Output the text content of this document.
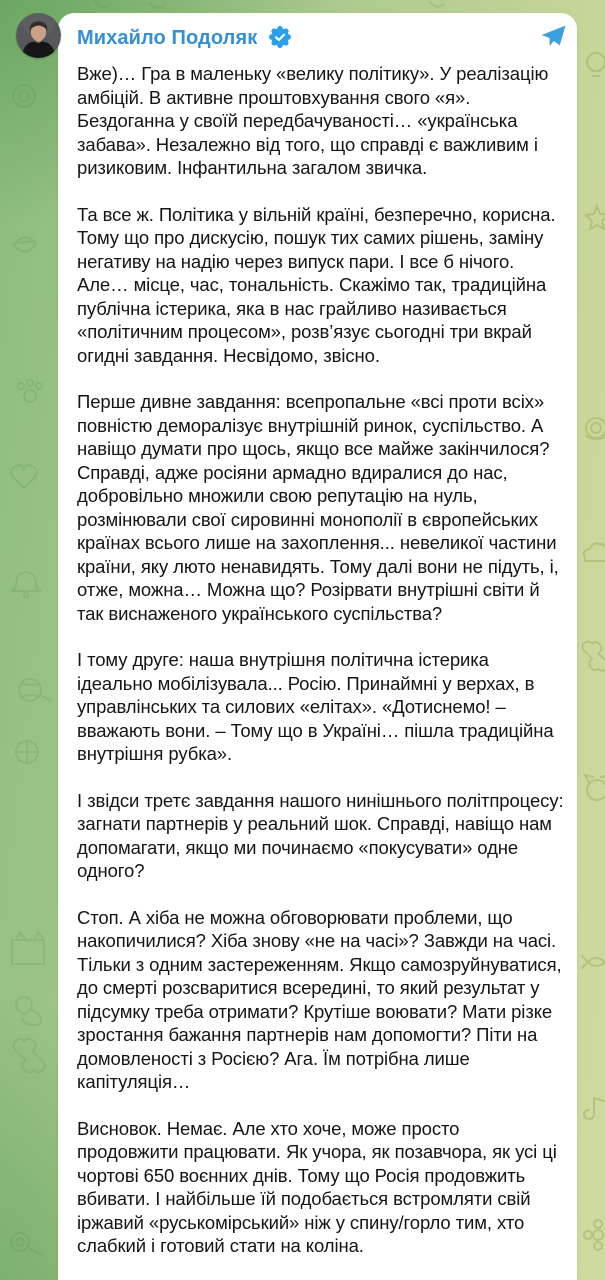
Михайло Подоляк

Вже)… Гра в маленьку «велику політику». У реалізацію амбіцій. В активне проштовхування свого «я». Бездоганна у своїй передбачуваності… «українська забава». Незалежно від того, що справді є важливим і ризиковим. Інфантильна загалом звичка.

Та все ж. Політика у вільній країні, безперечно, корисна. Тому що про дискусію, пошук тих самих рішень, заміну негативу на надію через випуск пари. І все б нічого. Але… місце, час, тональність. Скажімо так, традиційна публічна істерика, яка в нас грайливо називається «політичним процесом», розв’язує сьогодні три вкрай огидні завдання. Несвідомо, звісно.

Перше дивне завдання: всепропальне «всі проти всіх» повністю деморалізує внутрішній ринок, суспільство. А навіщо думати про щось, якщо все майже закінчилося? Справді, адже росіяни армадно вдиралися до нас, добровільно множили свою репутацію на нуль, розмінювали свої сировинні монополії в європейських країнах всього лише на захоплення... невеликої частини країни, яку люто ненавидять. Тому далі вони не підуть, і, отже, можна… Можна що? Розірвати внутрішні світи й так виснаженого українського суспільства?

І тому друге: наша внутрішня політична істерика ідеально мобілізувала... Росію. Принаймні у верхах, в управлінських та силових «елітах». «Дотиснемо! – вважають вони. – Тому що в Україні… пішла традиційна внутрішня рубка».

І звідси третє завдання нашого нинішнього політпроцесу: загнати партнерів у реальний шок. Справді, навіщо нам допомагати, якщо ми починаємо «покусувати» одне одного?

Стоп. А хіба не можна обговорювати проблеми, що накопичилися? Хіба знову «не на часі»? Завжди на часі. Тільки з одним застереженням. Якщо самозруйнуватися, до смерті розсваритися всередині, то який результат у підсумку треба отримати? Крутіше воювати? Мати різке зростання бажання партнерів нам допомогти? Піти на домовленості з Росією? Ага. Їм потрібна лише капітуляція…

Висновок. Немає. Але хто хоче, може просто продовжити працювати. Як учора, як позавчора, як усі ці чортові 650 воєнних днів. Тому що Росія продовжить вбивати. І найбільше їй подобається встромляти свій іржавий «руськомірський» ніж у спину/горло тим, хто слабкий і готовий стати на коліна.
